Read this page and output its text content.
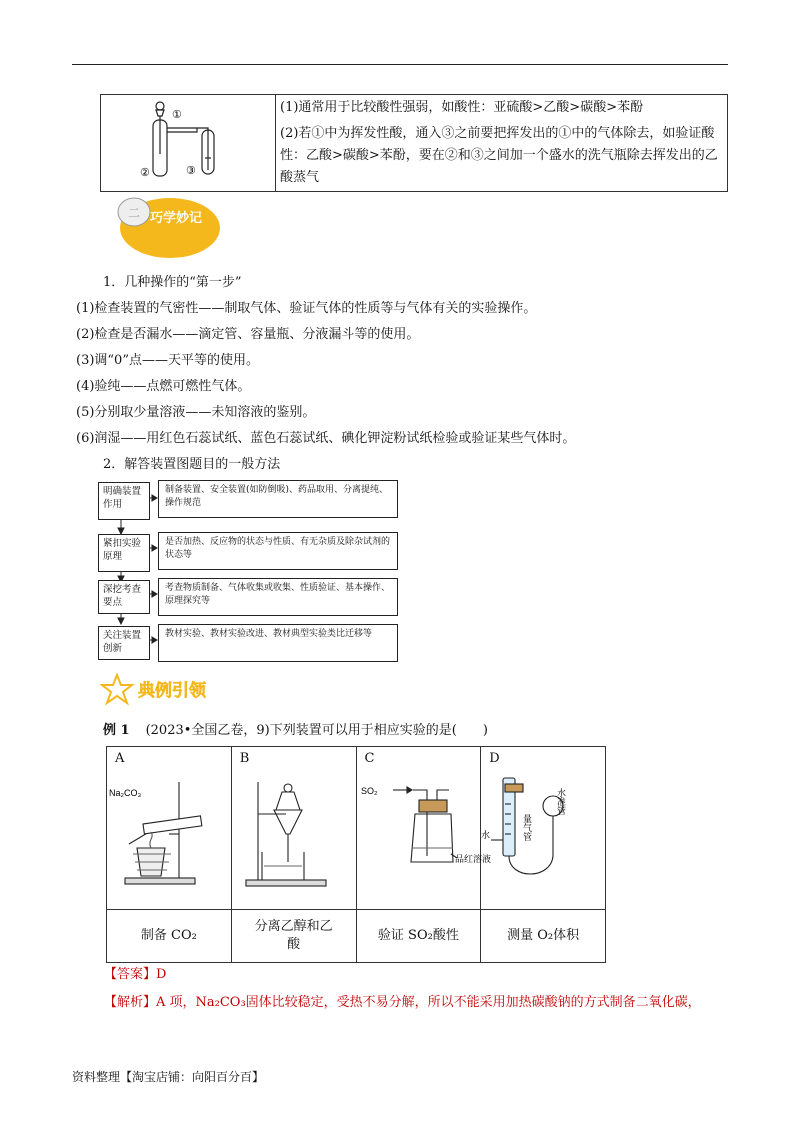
①
②	③

(1)通常用于比较酸性强弱，如酸性：亚硫酸>乙酸>碳酸>苯酚
(2)若①中为挥发性酸，通入③之前要把挥发出的①中的气体除去，如验证酸性：乙酸>碳酸>苯酚，要在②和③之间加一个盛水的洗气瓶除去挥发出的乙酸蒸气
二 巧学妙记
1．几种操作的“第一步”
(1)检查装置的气密性——制取气体、验证气体的性质等与气体有关的实验操作。
(2)检查是否漏水——滴定管、容量瓶、分液漏斗等的使用。
(3)调“0”点——天平等的使用。
(4)验纯——点燃可燃性气体。
(5)分别取少量溶液——未知溶液的鉴别。
(6)润湿——用红色石蕊试纸、蓝色石蕊试纸、碘化钾淀粉试纸检验或验证某些气体时。
2．解答装置图题目的一般方法
明确装置作用
制备装置、安全装置(如防倒吸)、药品取用、分离提纯、操作规范
紧扣实验原理
是否加热、反应物的状态与性质、有无杂质及除杂试剂的状态等
深挖考查要点
考查物质制备、气体收集或收集、性质验证、基本操作、原理探究等
关注装置创新
教材实验、教材实验改进、教材典型实验类比迁移等
典例引领
例 1 (2023•全国乙卷，9)下列装置可以用于相应实验的是(　　)
A
Na₂CO₃	B	C
SO₂
品红溶液	D
水准管
量气管
水

制备 CO₂	分离乙醇和乙酸	验证 SO₂酸性	测量 O₂体积
【答案】D
【解析】A 项，Na₂CO₃固体比较稳定，受热不易分解，所以不能采用加热碳酸钠的方式制备二氧化碳，
资料整理【淘宝店铺：向阳百分百】
